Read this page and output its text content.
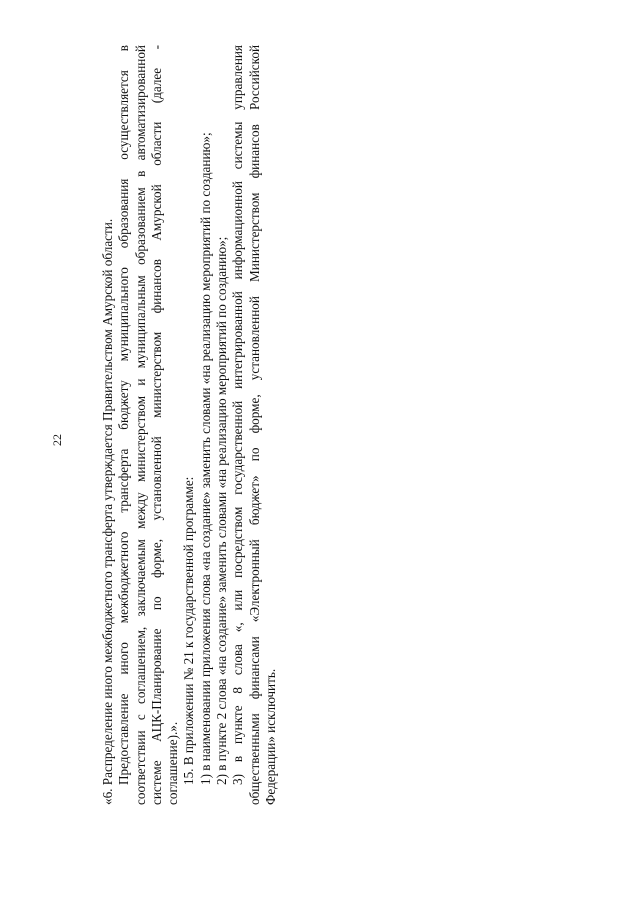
22	«6. Распределение иного межбюджетного трансферта утверждается Правительством Амурской области. Предоставление иного межбюджетного трансферта бюджету муниципального образования осуществляется в соответствии с соглашением, заключаемым между министерством и муниципальным образованием в автоматизированной системе АЦК-Планирование по форме, установленной министерством финансов Амурской области (далее - соглашение).». 15. В приложении № 21 к государственной программе: 1) в наименовании приложения слова «на создание» заменить словами «на реализацию мероприятий по созданию»; 2) в пункте 2 слова «на создание» заменить словами «на реализацию мероприятий по созданию»; 3) в пункте 8 слова «, или посредством государственной интегрированной информационной системы управления общественными финансами «Электронный бюджет» по форме, установленной Министерством финансов Российской Федерации» исключить.
